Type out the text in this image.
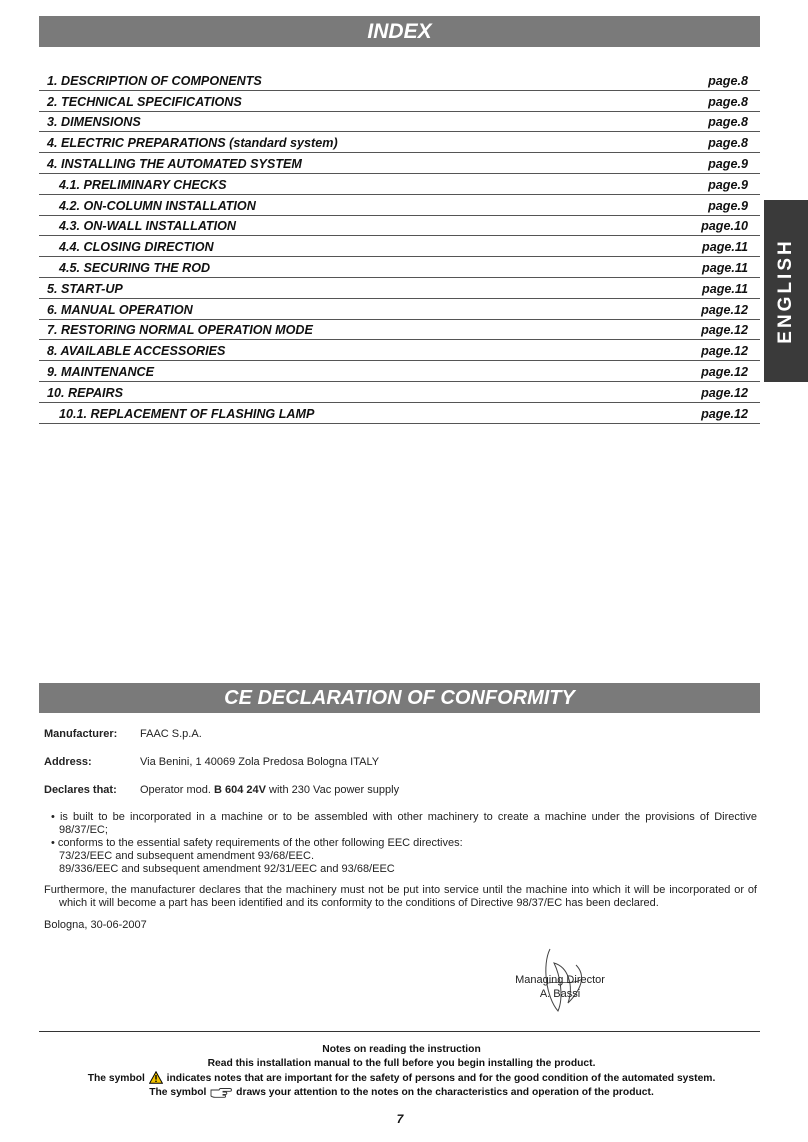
INDEX
1. DESCRIPTION OF COMPONENTS	page.8
2. TECHNICAL SPECIFICATIONS	page.8
3. DIMENSIONS	page.8
4. ELECTRIC PREPARATIONS (standard system)	page.8
4. INSTALLING THE AUTOMATED SYSTEM	page.9
4.1. PRELIMINARY CHECKS	page.9
4.2. ON-COLUMN INSTALLATION	page.9
4.3. ON-WALL INSTALLATION	page.10
4.4. CLOSING DIRECTION	page.11
4.5. SECURING THE ROD	page.11
5. START-UP	page.11
6. MANUAL OPERATION	page.12
7. RESTORING NORMAL OPERATION MODE	page.12
8. AVAILABLE ACCESSORIES	page.12
9. MAINTENANCE	page.12
10. REPAIRS	page.12
10.1. REPLACEMENT OF FLASHING LAMP	page.12
ENGLISH
CE DECLARATION OF CONFORMITY
Manufacturer:	FAAC S.p.A.
Address:	Via Benini, 1 40069 Zola Predosa Bologna ITALY
Declares that:	Operator mod. B 604 24V with 230 Vac power supply
• is built to be incorporated in a machine or to be assembled with other machinery to create a machine under the provisions of Directive 98/37/EC;
• conforms to the essential safety requirements of the other following EEC directives:
73/23/EEC and subsequent amendment 93/68/EEC.
89/336/EEC and subsequent amendment 92/31/EEC and 93/68/EEC
Furthermore, the manufacturer declares that the machinery must not be put into service until the machine into which it will be incorporated or of which it will become a part has been identified and its conformity to the conditions of Directive 98/37/EC has been declared.
Bologna, 30-06-2007
Managing Director
A. Bassi
Notes on reading the instruction
Read this installation manual to the full before you begin installing the product.
The symbol indicates notes that are important for the safety of persons and for the good condition of the automated system.
The symbol	draws your attention to the notes on the characteristics and operation of the product.
7
